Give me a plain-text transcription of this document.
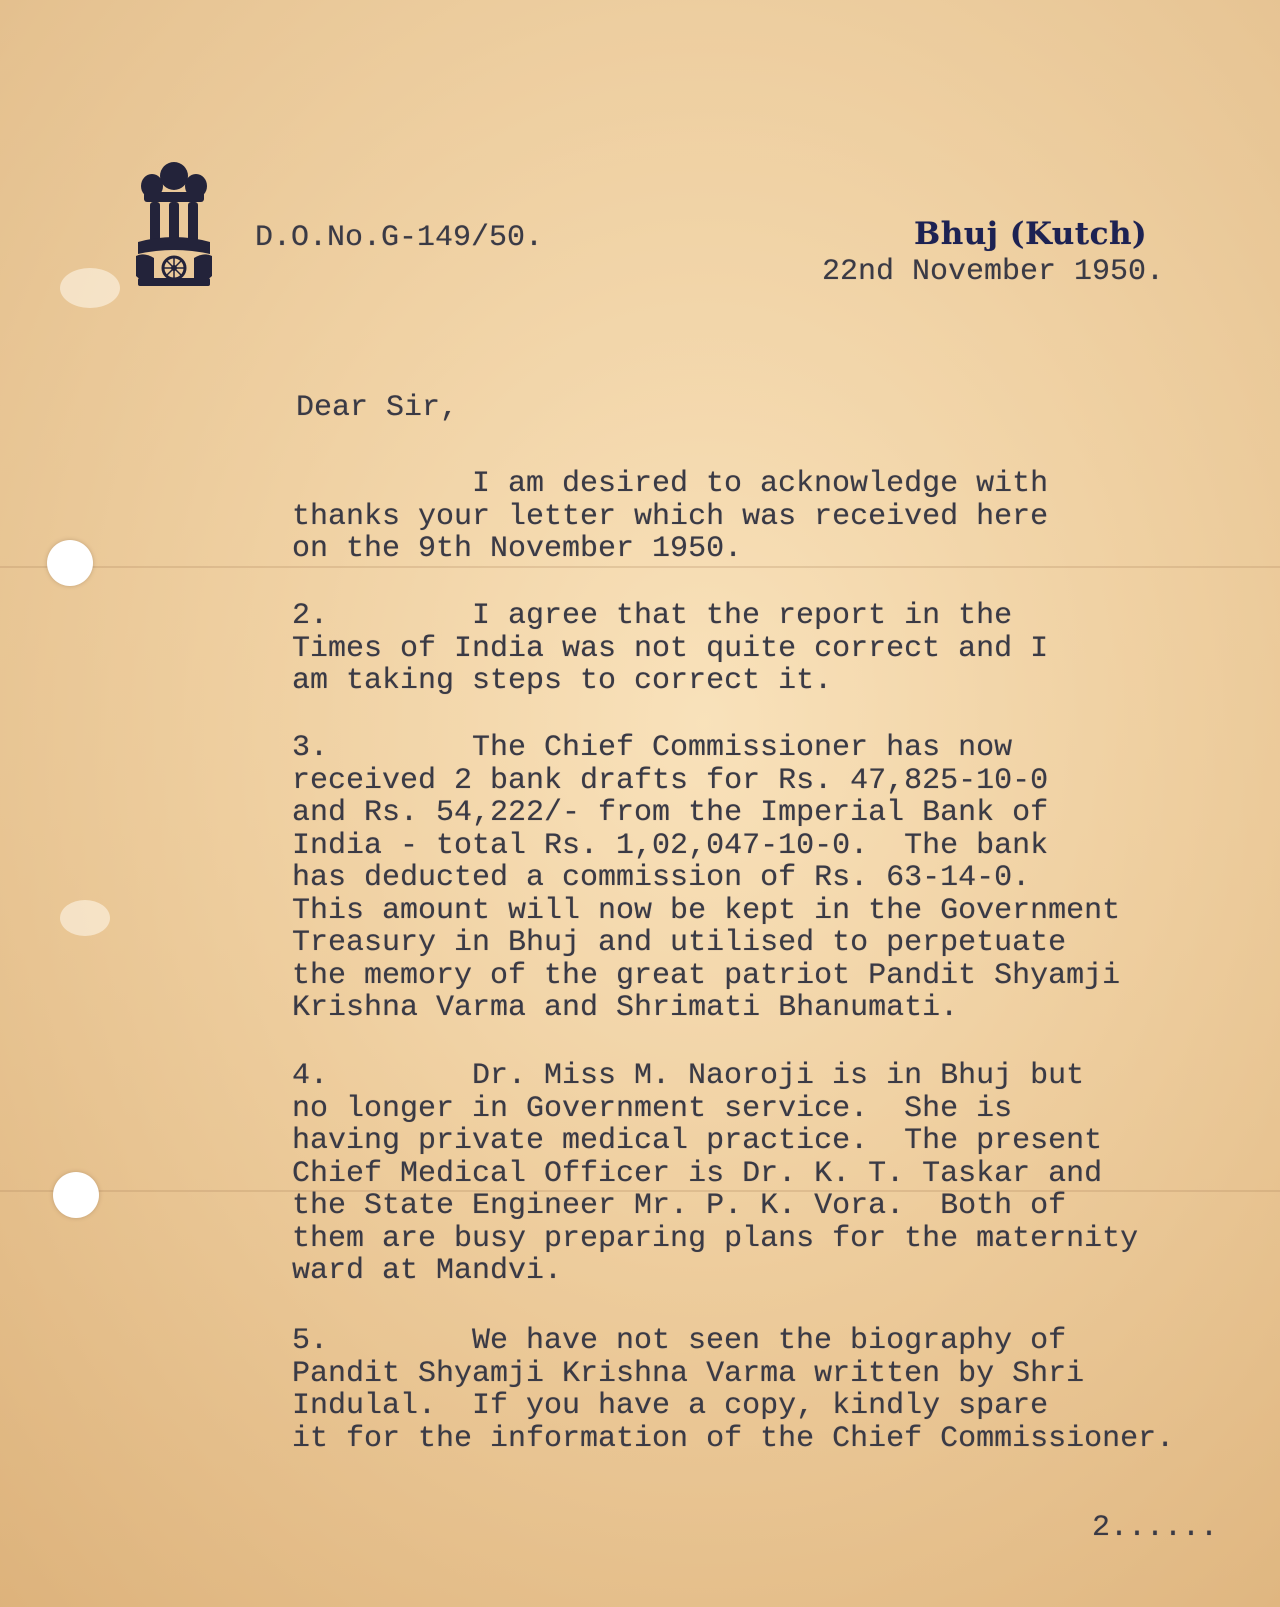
D.O.No.G-149/50.	Bhuj (Kutch)
22nd November 1950.
Dear Sir,
I am desired to acknowledge with
thanks your letter which was received here
on the 9th November 1950.
2.	I agree that the report in the
Times of India was not quite correct and I
am taking steps to correct it.
3.	The Chief Commissioner has now
received 2 bank drafts for Rs. 47,825-10-0
and Rs. 54,222/- from the Imperial Bank of
India - total Rs. 1,02,047-10-0.  The bank
has deducted a commission of Rs. 63-14-0.
This amount will now be kept in the Government
Treasury in Bhuj and utilised to perpetuate
the memory of the great patriot Pandit Shyamji
Krishna Varma and Shrimati Bhanumati.
4.	Dr. Miss M. Naoroji is in Bhuj but
no longer in Government service.  She is
having private medical practice.  The present
Chief Medical Officer is Dr. K. T. Taskar and
the State Engineer Mr. P. K. Vora.  Both of
them are busy preparing plans for the maternity
ward at Mandvi.
5.	We have not seen the biography of
Pandit Shyamji Krishna Varma written by Shri
Indulal.  If you have a copy, kindly spare
it for the information of the Chief Commissioner.
2......
